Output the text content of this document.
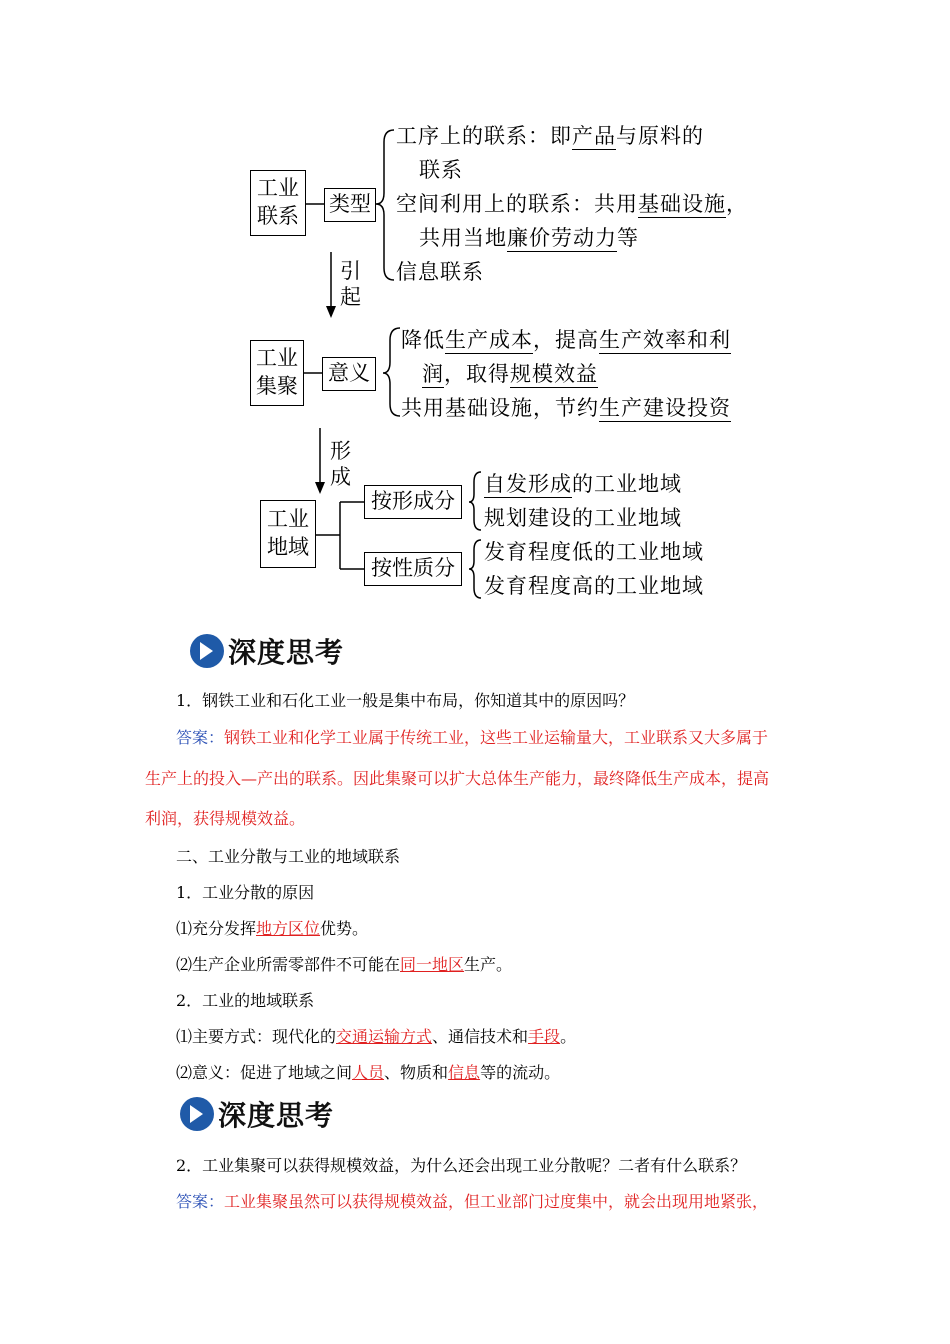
工业
联系 类型
工序上的联系：即产品与原料的
联系
空间利用上的联系：共用基础设施，
共用当地廉价劳动力等
信息联系
引
起
工业
集聚
意义
降低生产成本，提高生产效率和利
润，取得规模效益
共用基础设施，节约生产建设投资
形
成
工业
地域
按形成分
按性质分
自发形成的工业地域
规划建设的工业地域
发育程度低的工业地域
发育程度高的工业地域
深度思考
1．钢铁工业和石化工业一般是集中布局，你知道其中的原因吗？
答案：钢铁工业和化学工业属于传统工业，这些工业运输量大，工业联系又大多属于
生产上的投入—产出的联系。因此集聚可以扩大总体生产能力，最终降低生产成本，提高
利润，获得规模效益。
二、工业分散与工业的地域联系
1．工业分散的原因
⑴充分发挥地方区位优势。
⑵生产企业所需零部件不可能在同一地区生产。
2．工业的地域联系
⑴主要方式：现代化的交通运输方式、通信技术和手段。
⑵意义：促进了地域之间人员、物质和信息等的流动。
深度思考
2．工业集聚可以获得规模效益，为什么还会出现工业分散呢？二者有什么联系？
答案：工业集聚虽然可以获得规模效益，但工业部门过度集中，就会出现用地紧张，
